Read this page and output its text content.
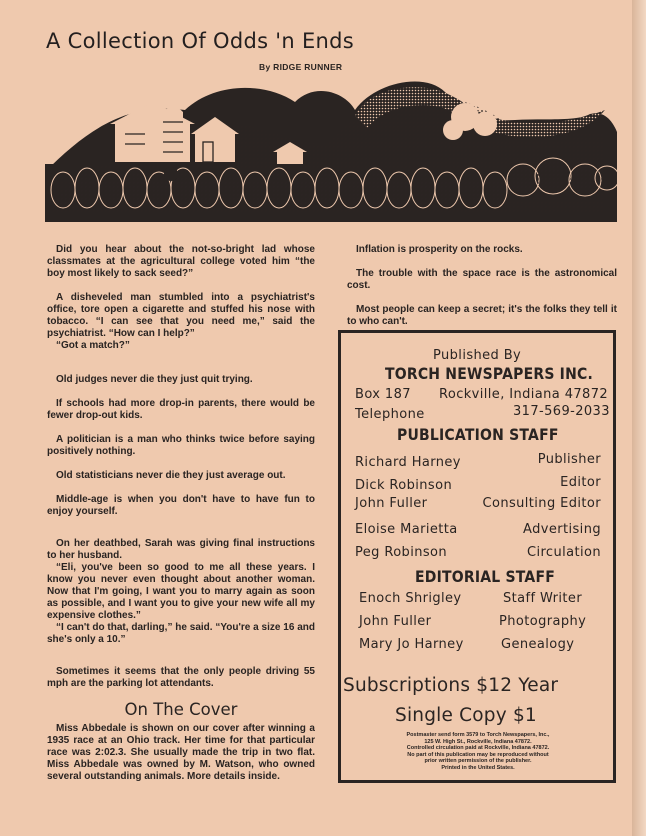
A Collection Of Odds 'n Ends
By RIDGE RUNNER

Did you hear about the not-so-bright lad whose classmates at the agricultural college voted him “the boy most likely to sack seed?”

A disheveled man stumbled into a psychiatrist's office, tore open a cigarette and stuffed his nose with tobacco. “I can see that you need me,” said the psychiatrist. “How can I help?”

“Got a match?”

Old judges never die they just quit trying.

If schools had more drop-in parents, there would be fewer drop-out kids.

A politician is a man who thinks twice before saying positively nothing.

Old statisticians never die they just average out.

Middle-age is when you don't have to have fun to enjoy yourself.

On her deathbed, Sarah was giving final instructions to her husband.

“Eli, you've been so good to me all these years. I know you never even thought about another woman. Now that I'm going, I want you to marry again as soon as possible, and I want you to give your new wife all my expensive clothes.”

“I can't do that, darling,” he said. “You're a size 16 and she's only a 10.”

Sometimes it seems that the only people driving 55 mph are the parking lot attendants.

On The Cover

Miss Abbedale is shown on our cover after winning a 1935 race at an Ohio track. Her time for that particular race was 2:02.3. She usually made the trip in two flat. Miss Abbedale was owned by M. Watson, who owned several outstanding animals. More details inside.

Inflation is prosperity on the rocks.

The trouble with the space race is the astronomical cost.

Most people can keep a secret; it's the folks they tell it to who can't.

Published By
TORCH NEWSPAPERS INC.
Box 187 Rockville, Indiana 47872
Telephone	317-569-2033
PUBLICATION STAFF
Richard Harney	Publisher
Dick Robinson	Editor
John Fuller	Consulting Editor
Eloise Marietta	Advertising
Peg Robinson	Circulation
EDITORIAL STAFF
Enoch Shrigley	Staff Writer
John Fuller	Photography
Mary Jo Harney	Genealogy
Subscriptions $12 Year
Single Copy $1
Postmaster send form 3579 to Torch Newspapers, Inc.,
125 W. High St., Rockville, Indiana 47872.
Controlled circulation paid at Rockville, Indiana 47872.
No part of this publication may be reproduced without
prior written permission of the publisher.
Printed in the United States.
